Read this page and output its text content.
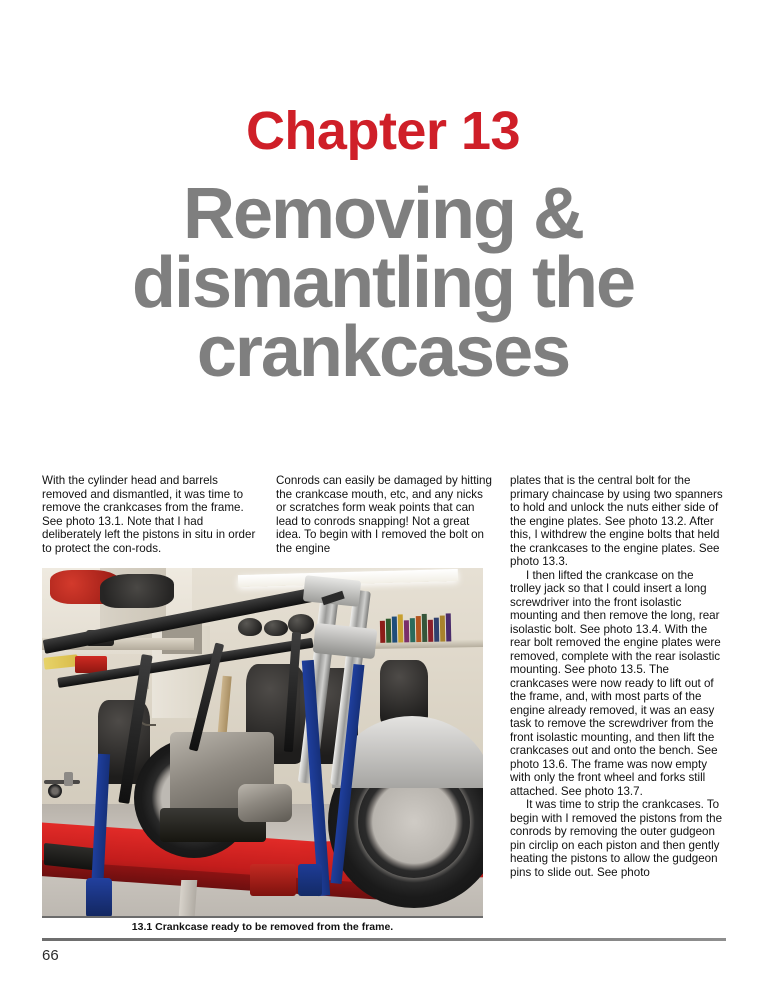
Chapter 13
Removing &
dismantling the
crankcases

With the cylinder head and barrels removed and dismantled, it was time to remove the crankcases from the frame. See photo 13.1. Note that I had deliberately left the pistons in situ in order to protect the con-rods.

Conrods can easily be damaged by hitting the crankcase mouth, etc, and any nicks or scratches form weak points that can lead to conrods snapping! Not a great idea. To begin with I removed the bolt on the engine

plates that is the central bolt for the primary chaincase by using two spanners to hold and unlock the nuts either side of the engine plates. See photo 13.2. After this, I withdrew the engine bolts that held the crankcases to the engine plates. See photo 13.3.

I then lifted the crankcase on the trolley jack so that I could insert a long screwdriver into the front isolastic mounting and then remove the long, rear isolastic bolt. See photo 13.4. With the rear bolt removed the engine plates were removed, complete with the rear isolastic mounting. See photo 13.5. The crankcases were now ready to lift out of the frame, and, with most parts of the engine already removed, it was an easy task to remove the screwdriver from the front isolastic mounting, and then lift the crankcases out and onto the bench. See photo 13.6. The frame was now empty with only the front wheel and forks still attached. See photo 13.7.

It was time to strip the crankcases. To begin with I removed the pistons from the conrods by removing the outer gudgeon pin circlip on each piston and then gently heating the pistons to allow the gudgeon pins to slide out. See photo

13.1 Crankcase ready to be removed from the frame.
66
